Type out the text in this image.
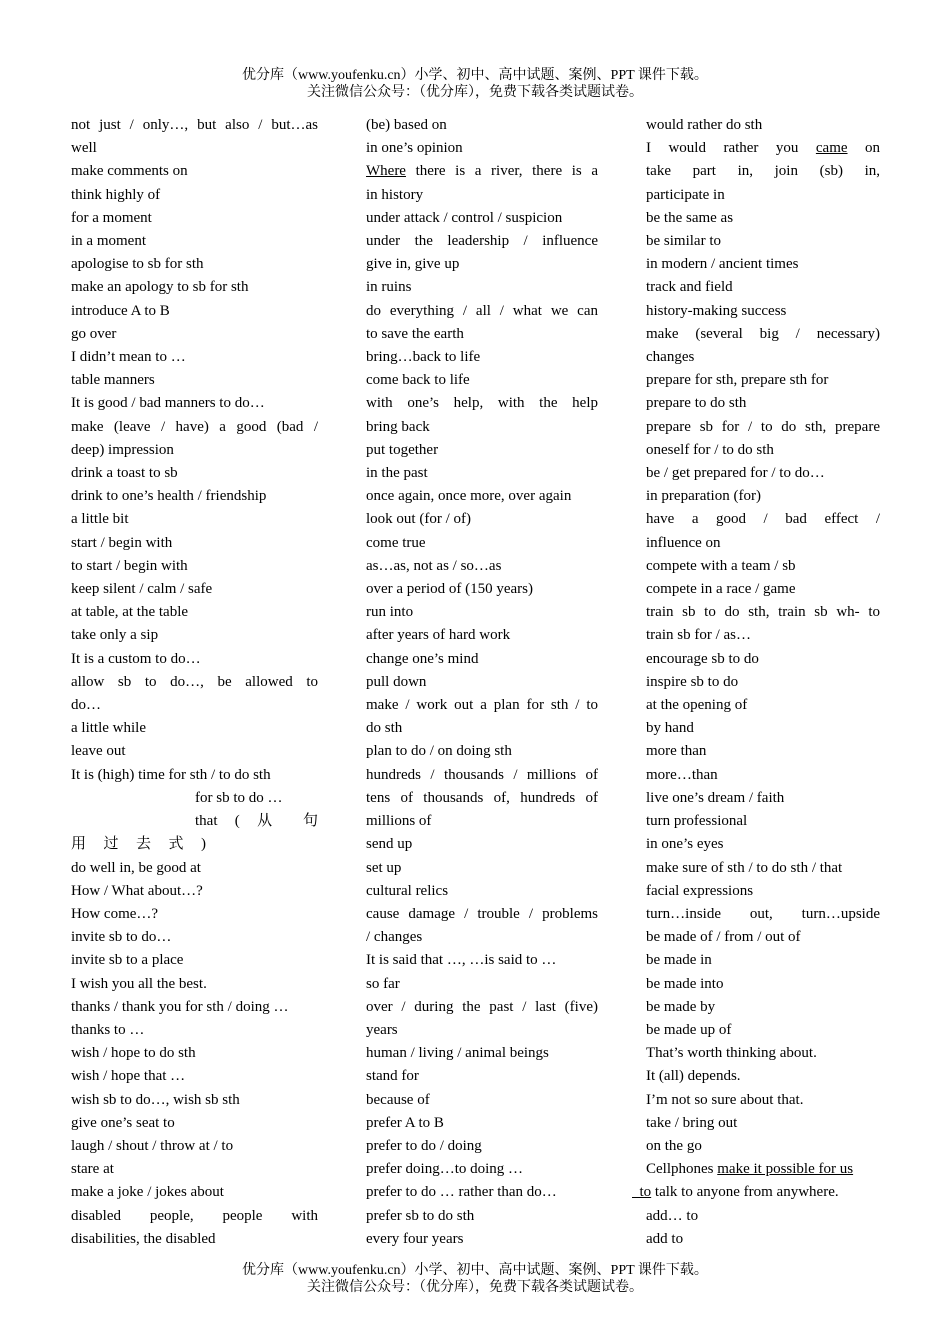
优分库（www.youfenku.cn）小学、初中、高中试题、案例、PPT 课件下载。
关注微信公众号：（优分库），免费下载各类试题试卷。
not just / only…, but also / but…as
well
make comments on
think highly of
for a moment
in a moment
apologise to sb for sth
make an apology to sb for sth
introduce A to B
go over
I didn’t mean to …
table manners
It is good / bad manners to do…
make (leave / have) a good (bad /
deep) impression
drink a toast to sb
drink to one’s health / friendship
a little bit
start / begin with
to start / begin with
keep silent / calm / safe
at table, at the table
take only a sip
It is a custom to do…
allow sb to do…, be allowed to
do…
a little while
leave out
It is (high) time for sth / to do sth
for sb to do …
that ( 从 句
用 过 去 式 )
do well in, be good at
How / What about…?
How come…?
invite sb to do…
invite sb to a place
I wish you all the best.
thanks / thank you for sth / doing …
thanks to …
wish / hope to do sth
wish / hope that …
wish sb to do…, wish sb sth
give one’s seat to
laugh / shout / throw at / to
stare at
make a joke / jokes about
disabled people, people with
disabilities, the disabled
(be) based on
in one’s opinion
Where there is a river, there is a
in history
under attack / control / suspicion
under the leadership / influence
give in, give up
in ruins
do everything / all / what we can
to save the earth
bring…back to life
come back to life
with one’s help, with the help
bring back
put together
in the past
once again, once more, over again
look out (for / of)
come true
as…as, not as / so…as
over a period of (150 years)
run into
after years of hard work
change one’s mind
pull down
make / work out a plan for sth / to
do sth
plan to do / on doing sth
hundreds / thousands / millions of
tens of thousands of, hundreds of
millions of
send up
set up
cultural relics
cause damage / trouble / problems
/ changes
It is said that …, …is said to …
so far
over / during the past / last (five)
years
human / living / animal beings
stand for
because of
prefer A to B
prefer to do / doing
prefer doing…to doing …
prefer to do … rather than do…
prefer sb to do sth
every four years
would rather do sth
I would rather you came on
take part in, join (sb) in,
participate in
be the same as
be similar to
in modern / ancient times
track and field
history-making success
make (several big / necessary)
changes
prepare for sth, prepare sth for
prepare to do sth
prepare sb for / to do sth, prepare
oneself for / to do sth
be / get prepared for / to do…
in preparation (for)
have a good / bad effect /
influence on
compete with a team / sb
compete in a race / game
train sb to do sth, train sb wh- to
train sb for / as…
encourage sb to do
inspire sb to do
at the opening of
by hand
more than
more…than
live one’s dream / faith
turn professional
in one’s eyes
make sure of sth / to do sth / that
facial expressions
turn…inside out, turn…upside
be made of / from / out of
be made in
be made into
be made by
be made up of
That’s worth thinking about.
It (all) depends.
I’m not so sure about that.
take / bring out
on the go
Cellphones make it possible for us
to talk to anyone from anywhere.
add… to
add to
优分库（www.youfenku.cn）小学、初中、高中试题、案例、PPT 课件下载。
关注微信公众号：（优分库），免费下载各类试题试卷。
